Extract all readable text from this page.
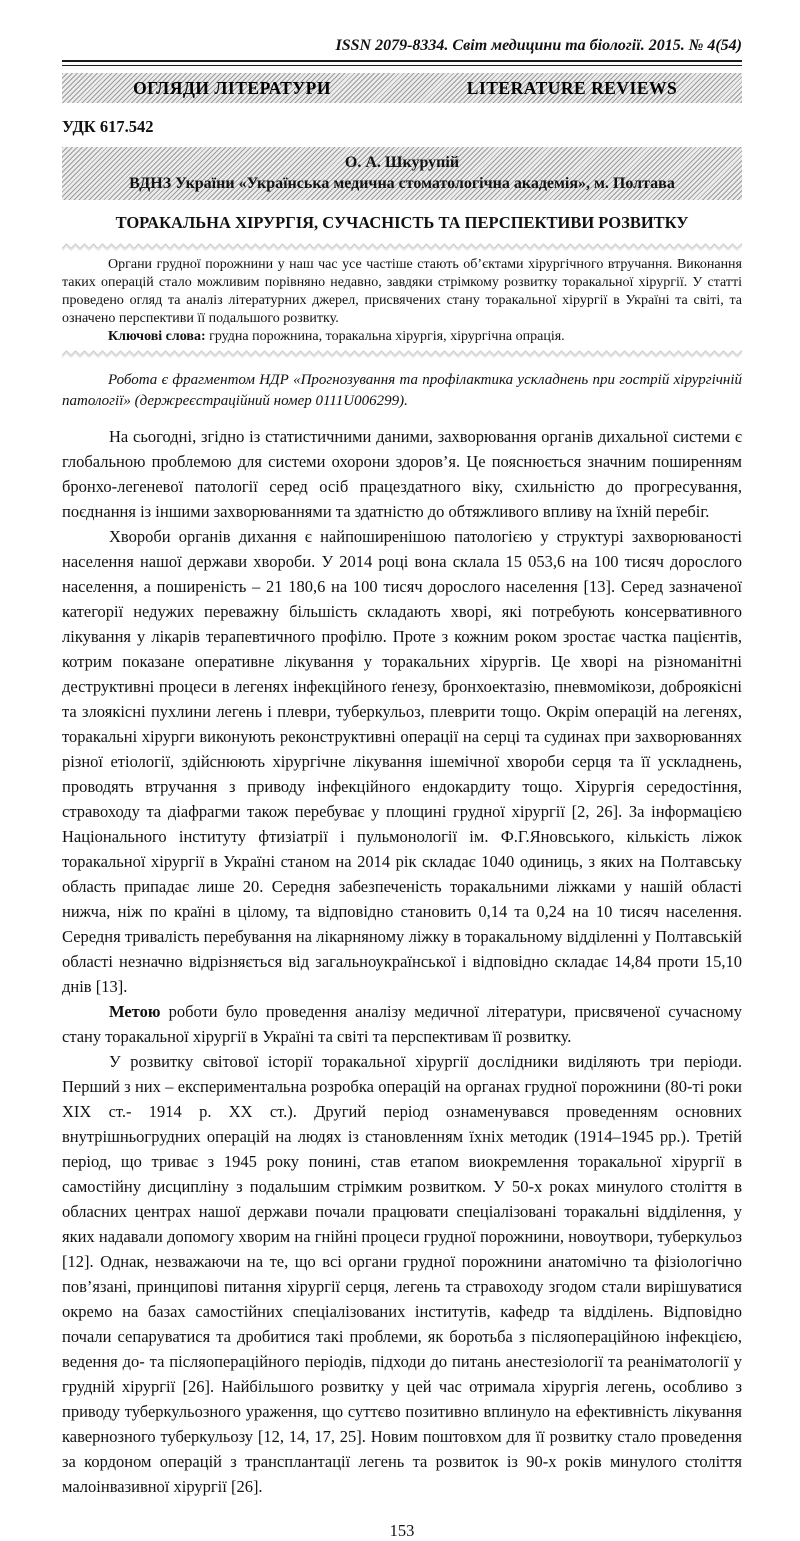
ISSN 2079-8334. Світ медицини та біології. 2015. № 4(54)
ОГЛЯДИ ЛІТЕРАТУРИ	LITERATURE REVIEWS
УДК 617.542
О. А. Шкурупій
ВДНЗ України «Українська медична стоматологічна академія», м. Полтава
ТОРАКАЛЬНА ХІРУРГІЯ, СУЧАСНІСТЬ ТА ПЕРСПЕКТИВИ РОЗВИТКУ

Органи грудної порожнини у наш час усе частіше стають об’єктами хірургічного втручання. Виконання таких операцій стало можливим порівняно недавно, завдяки стрімкому розвитку торакальної хірургії. У статті проведено огляд та аналіз літературних джерел, присвячених стану торакальної хірургії в Україні та світі, та означено перспективи її подальшого розвитку.

Ключові слова: грудна порожнина, торакальна хірургія, хірургічна опрація.

Робота є фрагментом НДР «Прогнозування та профілактика ускладнень при гострій хірургічній патології» (держреєстраційний номер 0111U006299).

На сьогодні, згідно із статистичними даними, захворювання органів дихальної системи є глобальною проблемою для системи охорони здоров’я. Це пояснюється значним поширенням бронхо-легеневої патології серед осіб працездатного віку, схильністю до прогресування, поєднання із іншими захворюваннями та здатністю до обтяжливого впливу на їхній перебіг.

Хвороби органів дихання є найпоширенішою патологією у структурі захворюваності населення нашої держави хвороби. У 2014 році вона склала 15 053,6 на 100 тисяч дорослого населення, а поширеність – 21 180,6 на 100 тисяч дорослого населення [13]. Серед зазначеної категорії недужих переважну більшість складають хворі, які потребують консервативного лікування у лікарів терапевтичного профілю. Проте з кожним роком зростає частка пацієнтів, котрим показане оперативне лікування у торакальних хірургів. Це хворі на різноманітні деструктивні процеси в легенях інфекційного ґенезу, бронхоектазію, пневмомікози, доброякісні та злоякісні пухлини легень і плеври, туберкульоз, плеврити тощо. Окрім операцій на легенях, торакальні хірурги виконують реконструктивні операції на серці та судинах при захворюваннях різної етіології, здійснюють хірургічне лікування ішемічної хвороби серця та її ускладнень, проводять втручання з приводу інфекційного ендокардиту тощо. Хірургія середостіння, стравоходу та діафрагми також перебуває у площині грудної хірургії [2, 26]. За інформацією Національного інституту фтизіатрії і пульмонології ім. Ф.Г.Яновського, кількість ліжок торакальної хірургії в Україні станом на 2014 рік складає 1040 одиниць, з яких на Полтавську область припадає лише 20. Середня забезпеченість торакальними ліжками у нашій області нижча, ніж по країні в цілому, та відповідно становить 0,14 та 0,24 на 10 тисяч населення. Середня тривалість перебування на лікарняному ліжку в торакальному відділенні у Полтавській області незначно відрізняється від загальноукраїнської і відповідно складає 14,84 проти 15,10 днів [13].

Метою роботи було проведення аналізу медичної літератури, присвяченої сучасному стану торакальної хірургії в Україні та світі та перспективам її розвитку.

У розвитку світової історії торакальної хірургії дослідники виділяють три періоди. Перший з них – експериментальна розробка операцій на органах грудної порожнини (80-ті роки XIX ст.- 1914 р. XX ст.). Другий період ознаменувався проведенням основних внутрішньогрудних операцій на людях із становленням їхніх методик (1914–1945 рр.). Третій період, що триває з 1945 року понині, став етапом виокремлення торакальної хірургії в самостійну дисципліну з подальшим стрімким розвитком. У 50-х роках минулого століття в обласних центрах нашої держави почали працювати спеціалізовані торакальні відділення, у яких надавали допомогу хворим на гнійні процеси грудної порожнини, новоутвори, туберкульоз [12]. Однак, незважаючи на те, що всі органи грудної порожнини анатомічно та фізіологічно пов’язані, принципові питання хірургії серця, легень та стравоходу згодом стали вирішуватися окремо на базах самостійних спеціалізованих інститутів, кафедр та відділень. Відповідно почали сепаруватися та дробитися такі проблеми, як боротьба з післяопераційною інфекцією, ведення до- та післяопераційного періодів, підходи до питань анестезіології та реаніматології у грудній хірургії [26]. Найбільшого розвитку у цей час отримала хірургія легень, особливо з приводу туберкульозного ураження, що суттєво позитивно вплинуло на ефективність лікування кавернозного туберкульозу [12, 14, 17, 25]. Новим поштовхом для її розвитку стало проведення за кордоном операцій з трансплантації легень та розвиток із 90-х років минулого століття малоінвазивної хірургії [26].

153
